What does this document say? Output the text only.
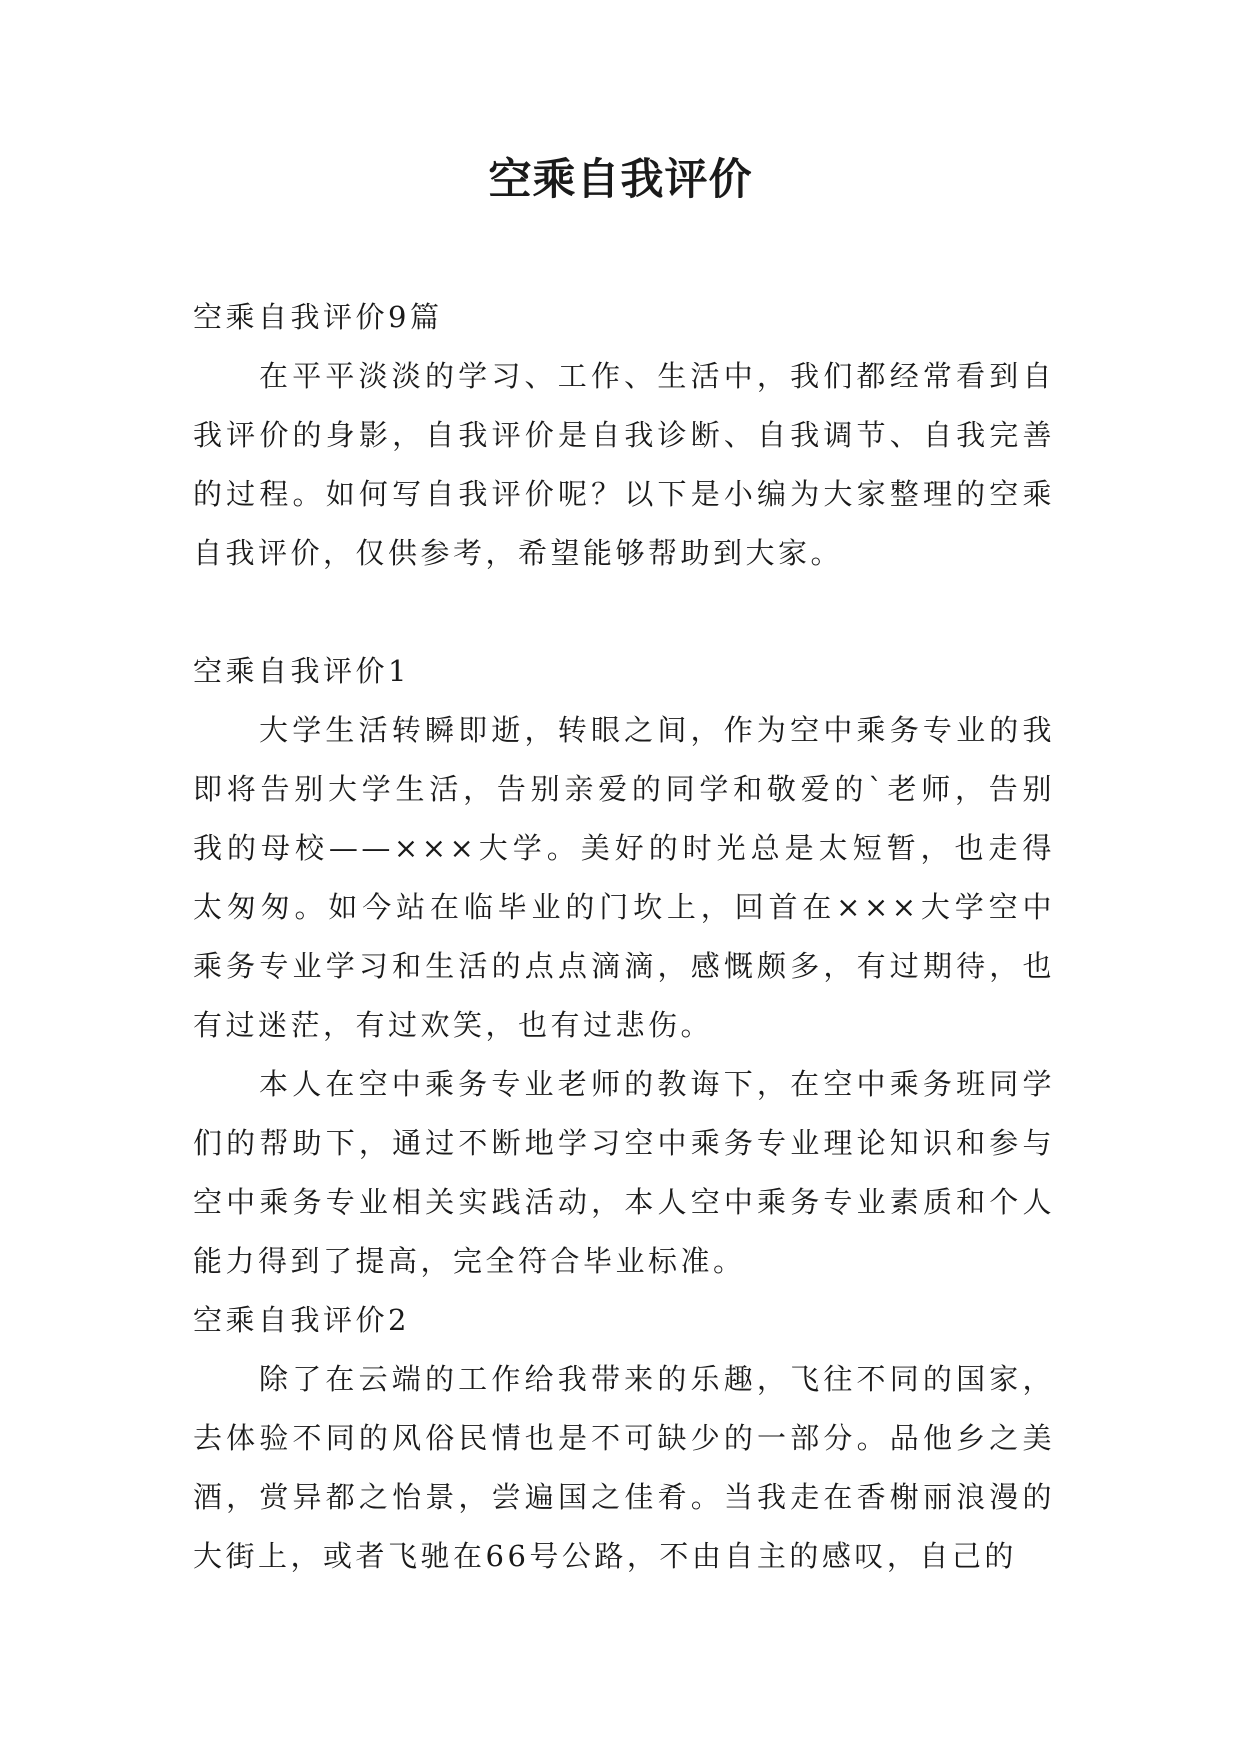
空乘自我评价

空乘自我评价9篇

在平平淡淡的学习、工作、生活中，我们都经常看到自我评价的身影，自我评价是自我诊断、自我调节、自我完善的过程。如何写自我评价呢？以下是小编为大家整理的空乘自我评价，仅供参考，希望能够帮助到大家。

空乘自我评价1

大学生活转瞬即逝，转眼之间，作为空中乘务专业的我即将告别大学生活，告别亲爱的同学和敬爱的`老师，告别我的母校——×××大学。美好的时光总是太短暂，也走得太匆匆。如今站在临毕业的门坎上，回首在×××大学空中乘务专业学习和生活的点点滴滴，感慨颇多，有过期待，也有过迷茫，有过欢笑，也有过悲伤。

本人在空中乘务专业老师的教诲下，在空中乘务班同学们的帮助下，通过不断地学习空中乘务专业理论知识和参与空中乘务专业相关实践活动，本人空中乘务专业素质和个人能力得到了提高，完全符合毕业标准。

空乘自我评价2

除了在云端的工作给我带来的乐趣，飞往不同的国家，去体验不同的风俗民情也是不可缺少的一部分。品他乡之美酒，赏异都之怡景，尝遍国之佳肴。当我走在香榭丽浪漫的大街上，或者飞驰在66号公路，不由自主的感叹，自己的
